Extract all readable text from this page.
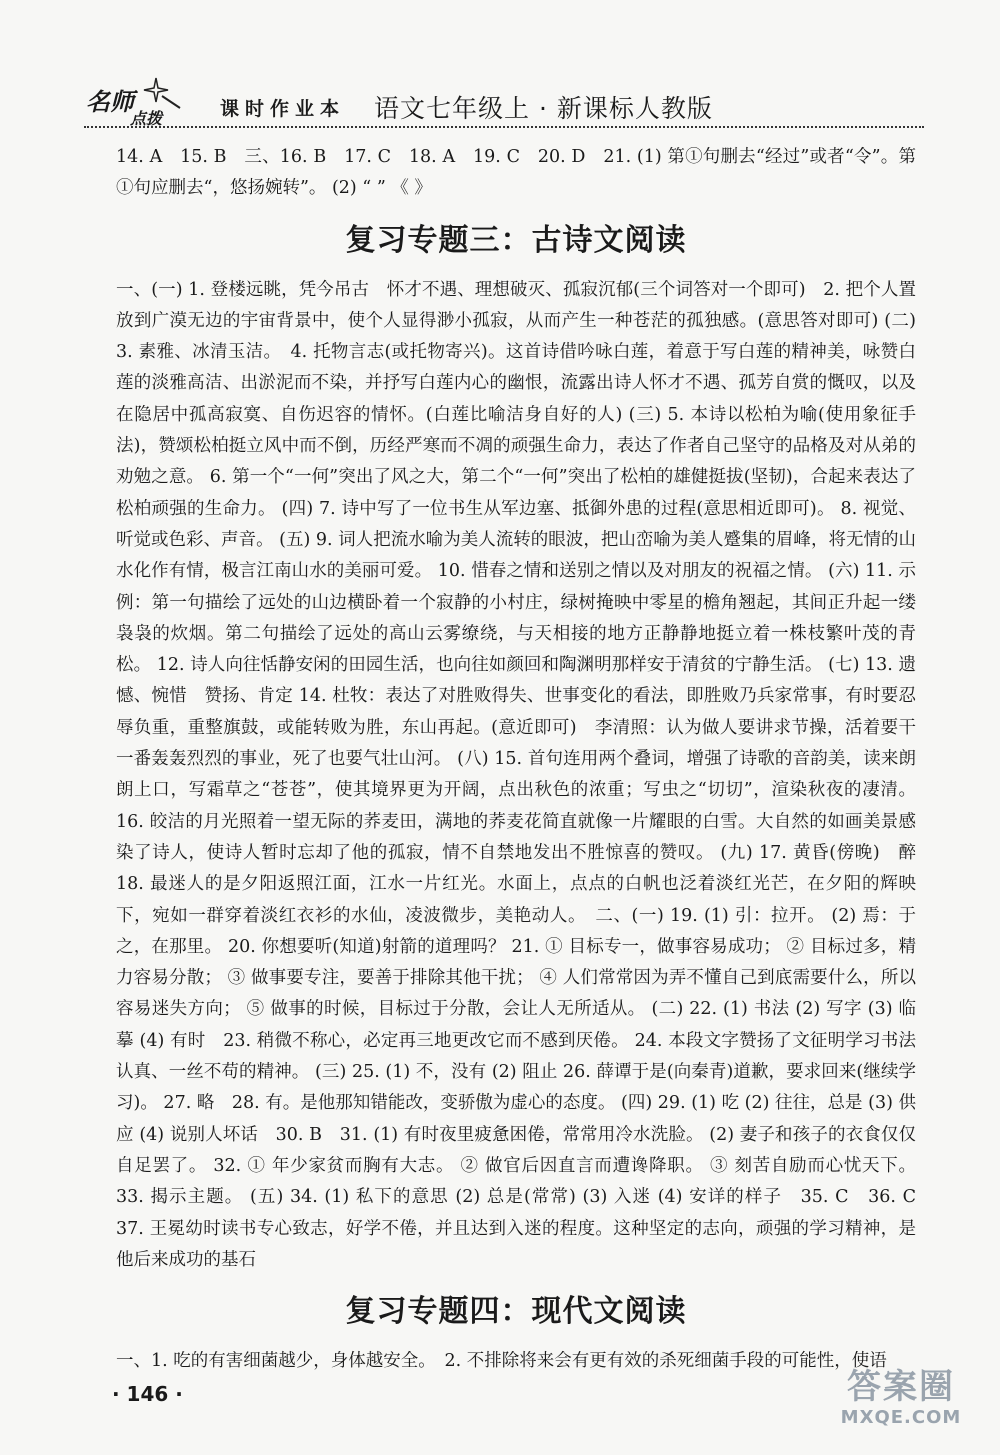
名师
点拨	课时作业本 语文七年级上 · 新课标人教版

14. A　15. B　三、16. B　17. C　18. A　19. C　20. D　21. (1) 第①句删去“经过”或者“令”。第①句应删去“，悠扬婉转”。 (2) “ ” 《 》

复习专题三：古诗文阅读

一、(一) 1. 登楼远眺，凭今吊古　怀才不遇、理想破灭、孤寂沉郁(三个词答对一个即可)　2. 把个人置放到广漠无边的宇宙背景中，使个人显得渺小孤寂，从而产生一种苍茫的孤独感。(意思答对即可) (二) 3. 素雅、冰清玉洁。　4. 托物言志(或托物寄兴)。这首诗借吟咏白莲，着意于写白莲的精神美，咏赞白莲的淡雅高洁、出淤泥而不染，并抒写白莲内心的幽恨，流露出诗人怀才不遇、孤芳自赏的慨叹，以及在隐居中孤高寂寞、自伤迟容的情怀。(白莲比喻洁身自好的人) (三) 5. 本诗以松柏为喻(使用象征手法)，赞颂松柏挺立风中而不倒，历经严寒而不凋的顽强生命力，表达了作者自己坚守的品格及对从弟的劝勉之意。 6. 第一个“一何”突出了风之大，第二个“一何”突出了松柏的雄健挺拔(坚韧)，合起来表达了松柏顽强的生命力。 (四) 7. 诗中写了一位书生从军边塞、抵御外患的过程(意思相近即可)。 8. 视觉、听觉或色彩、声音。 (五) 9. 词人把流水喻为美人流转的眼波，把山峦喻为美人蹙集的眉峰，将无情的山水化作有情，极言江南山水的美丽可爱。 10. 惜春之情和送别之情以及对朋友的祝福之情。 (六) 11. 示例：第一句描绘了远处的山边横卧着一个寂静的小村庄，绿树掩映中零星的檐角翘起，其间正升起一缕袅袅的炊烟。第二句描绘了远处的高山云雾缭绕，与天相接的地方正静静地挺立着一株枝繁叶茂的青松。 12. 诗人向往恬静安闲的田园生活，也向往如颜回和陶渊明那样安于清贫的宁静生活。 (七) 13. 遗憾、惋惜　赞扬、肯定 14. 杜牧：表达了对胜败得失、世事变化的看法，即胜败乃兵家常事，有时要忍辱负重，重整旗鼓，或能转败为胜，东山再起。(意近即可)　李清照：认为做人要讲求节操，活着要干一番轰轰烈烈的事业，死了也要气壮山河。 (八) 15. 首句连用两个叠词，增强了诗歌的音韵美，读来朗朗上口，写霜草之“苍苍”，使其境界更为开阔，点出秋色的浓重；写虫之“切切”，渲染秋夜的凄清。 16. 皎洁的月光照着一望无际的荞麦田，满地的荞麦花简直就像一片耀眼的白雪。大自然的如画美景感染了诗人，使诗人暂时忘却了他的孤寂，情不自禁地发出不胜惊喜的赞叹。 (九) 17. 黄昏(傍晚)　醉　18. 最迷人的是夕阳返照江面，江水一片红光。水面上，点点的白帆也泛着淡红光芒，在夕阳的辉映下，宛如一群穿着淡红衣衫的水仙，凌波微步，美艳动人。　二、(一) 19. (1) 引：拉开。 (2) 焉：于之，在那里。 20. 你想要听(知道)射箭的道理吗？ 21. ① 目标专一，做事容易成功； ② 目标过多，精力容易分散； ③ 做事要专注，要善于排除其他干扰； ④ 人们常常因为弄不懂自己到底需要什么，所以容易迷失方向； ⑤ 做事的时候，目标过于分散，会让人无所适从。 (二) 22. (1) 书法 (2) 写字 (3) 临摹 (4) 有时　23. 稍微不称心，必定再三地更改它而不感到厌倦。 24. 本段文字赞扬了文征明学习书法认真、一丝不苟的精神。 (三) 25. (1) 不，没有 (2) 阻止 26. 薛谭于是(向秦青)道歉，要求回来(继续学习)。 27. 略　28. 有。是他那知错能改，变骄傲为虚心的态度。 (四) 29. (1) 吃 (2) 往往，总是 (3) 供应 (4) 说别人坏话　30. B　31. (1) 有时夜里疲惫困倦，常常用冷水洗脸。 (2) 妻子和孩子的衣食仅仅自足罢了。 32. ① 年少家贫而胸有大志。 ② 做官后因直言而遭谗降职。 ③ 刻苦自励而心忧天下。 33. 揭示主题。 (五) 34. (1) 私下的意思 (2) 总是(常常) (3) 入迷 (4) 安详的样子　35. C　36. C　37. 王冕幼时读书专心致志，好学不倦，并且达到入迷的程度。这种坚定的志向，顽强的学习精神，是他后来成功的基石

复习专题四：现代文阅读

一、1. 吃的有害细菌越少，身体越安全。　2. 不排除将来会有更有效的杀死细菌手段的可能性，使语

· 146 ·	答案圈
MXQE.COM
